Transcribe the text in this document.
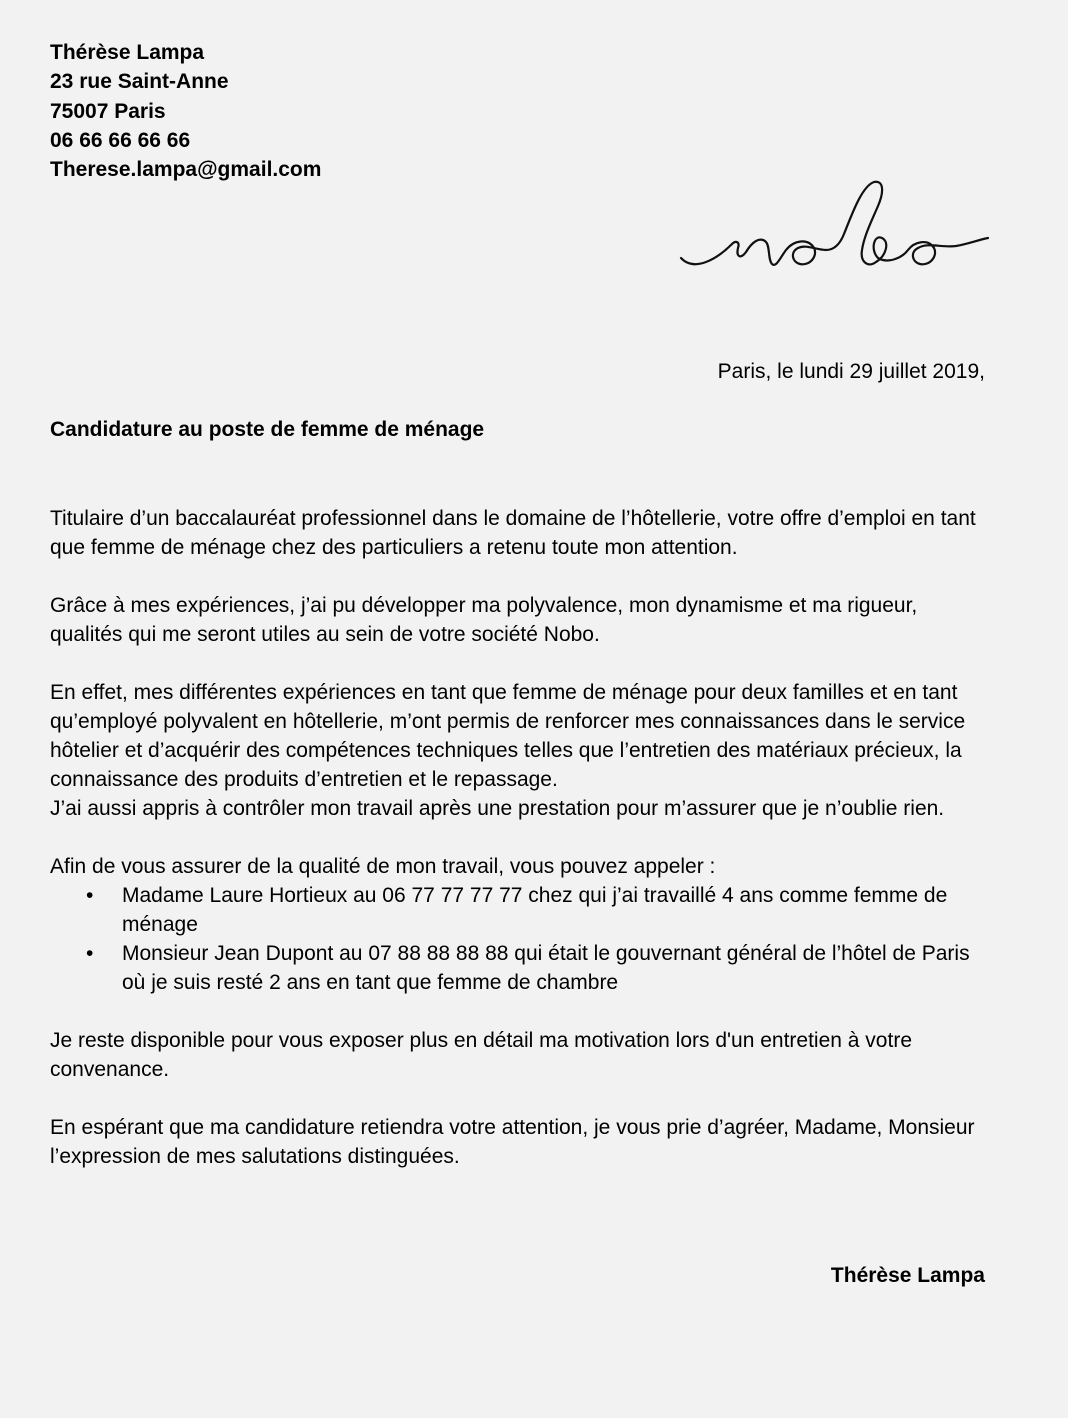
Thérèse Lampa
23 rue Saint-Anne
75007 Paris
06 66 66 66 66
Therese.lampa@gmail.com
Paris, le lundi 29 juillet 2019,
Candidature au poste de femme de ménage

Titulaire d’un baccalauréat professionnel dans le domaine de l’hôtellerie, votre offre d’emploi en tant que femme de ménage chez des particuliers a retenu toute mon attention.

Grâce à mes expériences, j’ai pu développer ma polyvalence, mon dynamisme et ma rigueur, qualités qui me seront utiles au sein de votre société Nobo.

En effet, mes différentes expériences en tant que femme de ménage pour deux familles et en tant qu’employé polyvalent en hôtellerie, m’ont permis de renforcer mes connaissances dans le service hôtelier et d’acquérir des compétences techniques telles que l’entretien des matériaux précieux, la connaissance des produits d’entretien et le repassage.

J’ai aussi appris à contrôler mon travail après une prestation pour m’assurer que je n’oublie rien.

Afin de vous assurer de la qualité de mon travail, vous pouvez appeler :

• Madame Laure Hortieux au 06 77 77 77 77 chez qui j’ai travaillé 4 ans comme femme de ménage
• Monsieur Jean Dupont au 07 88 88 88 88 qui était le gouvernant général de l’hôtel de Paris où je suis resté 2 ans en tant que femme de chambre

Je reste disponible pour vous exposer plus en détail ma motivation lors d'un entretien à votre convenance.

En espérant que ma candidature retiendra votre attention, je vous prie d’agréer, Madame, Monsieur l’expression de mes salutations distinguées.

Thérèse Lampa
